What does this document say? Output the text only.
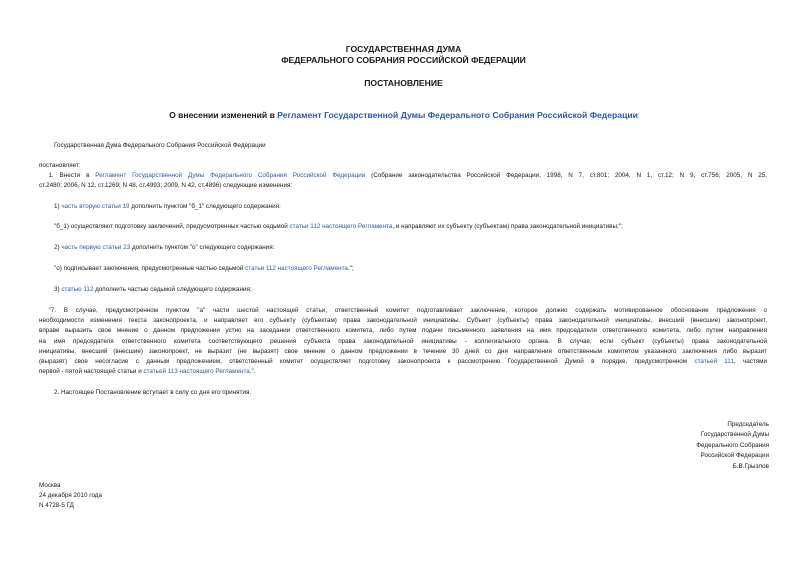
ГОСУДАРСТВЕННАЯ ДУМА
ФЕДЕРАЛЬНОГО СОБРАНИЯ РОССИЙСКОЙ ФЕДЕРАЦИИ
ПОСТАНОВЛЕНИЕ
О внесении изменений в Регламент Государственной Думы Федерального Собрания Российской Федерации
Государственная Дума Федерального Собрания Российской Федерации
постановляет:
  1. Внести в Регламент Государственной Думы Федерального Собрания Российской Федерации (Собрание законодательства Российской Федерации, 1998, N 7, ст.801; 2004, N 1, ст.12; N 9, ст.756; 2005, N 25,
ст.2480; 2006, N 12, ст.1269; N 48, ст.4993; 2009, N 42, ст.4896) следующие изменения:
1) часть вторую статьи 19 дополнить пунктом "б_1" следующего содержания:
"б_1) осуществляют подготовку заключений, предусмотренных частью седьмой статьи 112 настоящего Регламента, и направляют их субъекту (субъектам) права законодательной инициативы;";
2) часть первую статьи 23 дополнить пунктом "о" следующего содержания:
"о) подписывает заключения, предусмотренные частью седьмой статьи 112 настоящего Регламента.";
3) статью 112 дополнить частью седьмой следующего содержания:
  "7. В случае, предусмотренном пунктом "а" части шестой настоящей статьи, ответственный комитет подготавливает заключение, которое должно содержать мотивированное обоснование предложения о
необходимости изменения текста законопроекта, и направляет его субъекту (субъектам) права законодательной инициативы. Субъект (субъекты) права законодательной инициативы, внесший (внесшие) законопроект,
вправе выразить свое мнение о данном предложении устно на заседании ответственного комитета, либо путем подачи письменного заявления на имя председателя ответственного комитета, либо путем направления
на имя председателя ответственного комитета соответствующего решения субъекта права законодательной инициативы - коллегиального органа. В случае, если субъект (субъекты) права законодательной
инициативы, внесший (внесшие) законопроект, не выразит (не выразят) свое мнение о данном предложении в течение 30 дней со дня направления ответственным комитетом указанного заключения либо выразит
(выразят) свое несогласие с данным предложением, ответственный комитет осуществляет подготовку законопроекта к рассмотрению Государственной Думой в порядке, предусмотренном статьей 111, частями
первой - пятой настоящей статьи и статьей 113 настоящего Регламента.".
2. Настоящее Постановление вступает в силу со дня его принятия.
Председатель
Государственной Думы
Федерального Собрания
Российской Федерации
Б.В.Грызлов
Москва
24 декабря 2010 года
N 4728-5 ГД
